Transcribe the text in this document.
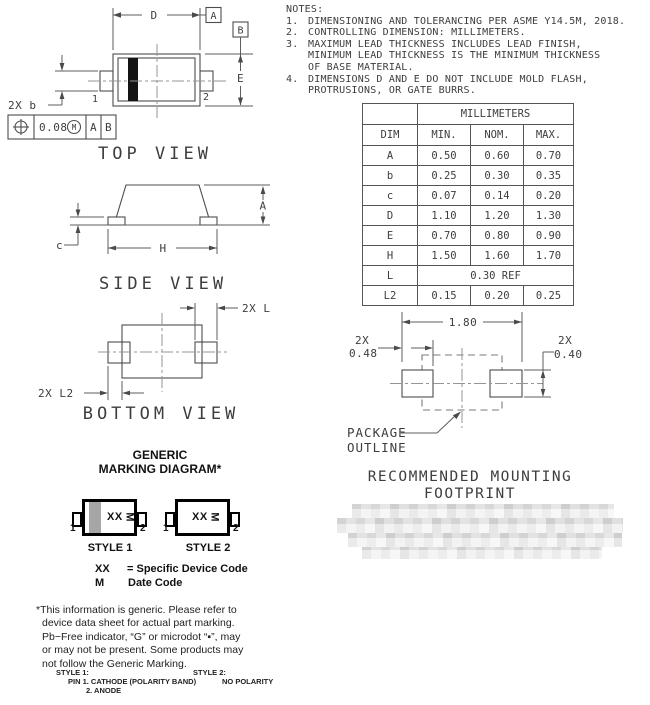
D	A
B
E
2X b
0.08 M A B
1	2
TOP VIEW
A
c	H
SIDE VIEW
2X L
2X L2
BOTTOM VIEW
1.80
2X
0.48
2X
0.40
PACKAGE
OUTLINE
RECOMMENDED MOUNTING
FOOTPRINT
NOTES:
1. DIMENSIONING AND TOLERANCING PER ASME Y14.5M, 2018.
2. CONTROLLING DIMENSION: MILLIMETERS.
3. MAXIMUM LEAD THICKNESS INCLUDES LEAD FINISH,
MINIMUM LEAD THICKNESS IS THE MINIMUM THICKNESS
OF BASE MATERIAL.
4. DIMENSIONS D AND E DO NOT INCLUDE MOLD FLASH,
PROTRUSIONS, OR GATE BURRS.
	MILLIMETERS		
DIM	MIN.	NOM.	MAX.
A	0.50	0.60	0.70
b	0.25	0.30	0.35
c	0.07	0.14	0.20
D	1.10	1.20	1.30
E	0.70	0.80	0.90
H	1.50	1.60	1.70
L	0.30 REF		
L2	0.15	0.20	0.25
GENERIC
MARKING DIAGRAM*
XX M
1	2
STYLE 1
XX M
1	2
STYLE 2
XX = Specific Device Code
M Date Code
*This information is generic. Please refer to
device data sheet for actual part marking.
Pb−Free indicator, “G” or microdot “▪”, may
or may not be present. Some products may
not follow the Generic Marking.
STYLE 1:
PIN 1. CATHODE (POLARITY BAND)
2. ANODE
STYLE 2:
NO POLARITY
